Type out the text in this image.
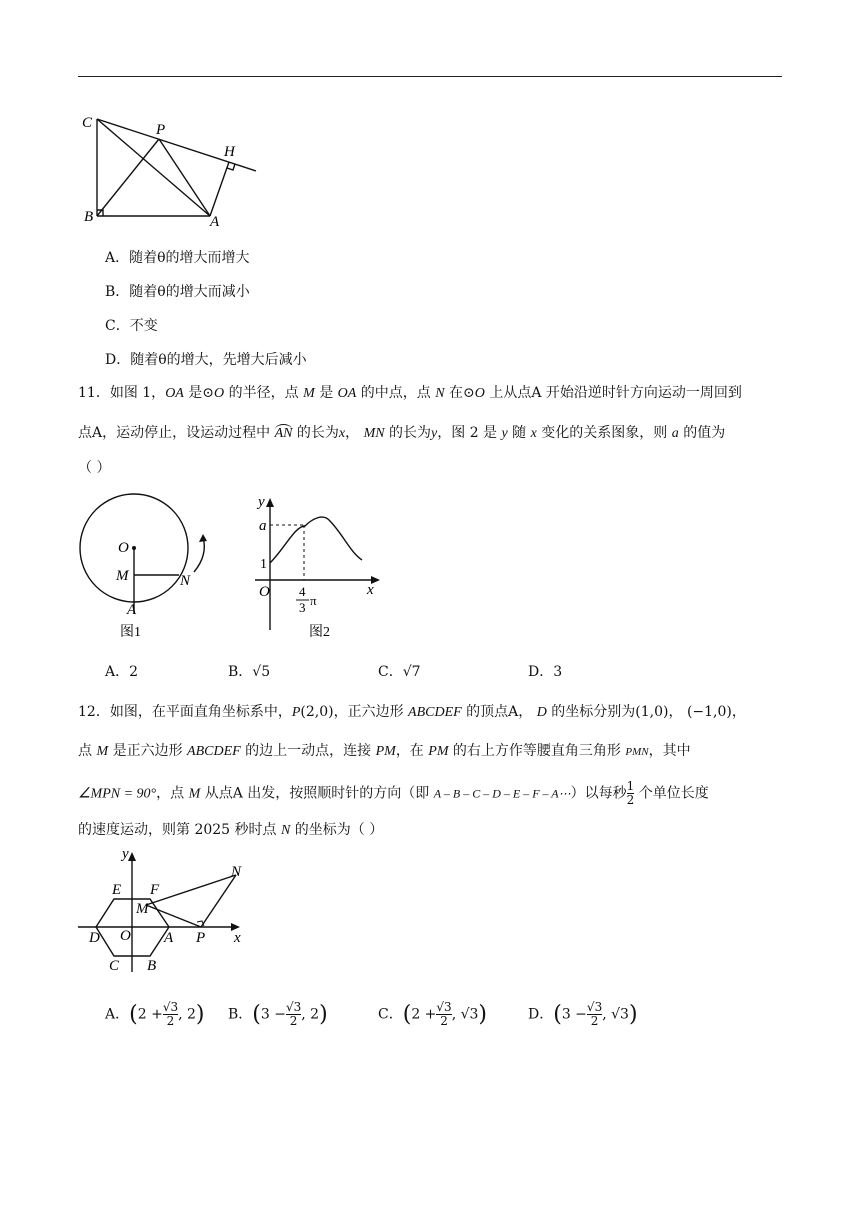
C	P
H
B	A
A．随着θ的增大而增大
B．随着θ的增大而减小
C．不变
D．随着θ的增大，先增大后减小
11．如图 1，OA 是⊙O 的半径，点 M 是 OA 的中点，点 N 在⊙O 上从点A 开始沿逆时针方向运动一周回到
点A，运动停止，设运动过程中 AN 的长为x， MN 的长为y，图 2 是 y 随 x 变化的关系图象，则 a 的值为
（ ）
O
M	N
A
图1
y
a
1
O	x
4
3 π
图2
A．2	B．√5	C．√7	D．3
12．如图，在平面直角坐标系中，P(2,0)，正六边形 ABCDEF 的顶点A， D 的坐标分别为(1,0)， (−1,0)，
点 M 是正六边形 ABCDEF 的边上一动点，连接 PM，在 PM 的右上方作等腰直角三角形 PMN，其中
∠MPN = 90°，点 M 从点A 出发，按照顺时针的方向（即 A – B – C – D – E – F – A⋯）以每秒 $\frac{1}{2}$ 个单位长度
的速度运动，则第 2025 秒时点 N 的坐标为（ ）
y
x
E F
N
M
D O A P
C B
A．($2 + \frac{√3}{2}$ , 2) B．($3 - \frac{√3}{2}$ , 2)	C．($2 + \frac{√3}{2}$ , √3)	D．($3 - \frac{√3}{2}$ , √3)
